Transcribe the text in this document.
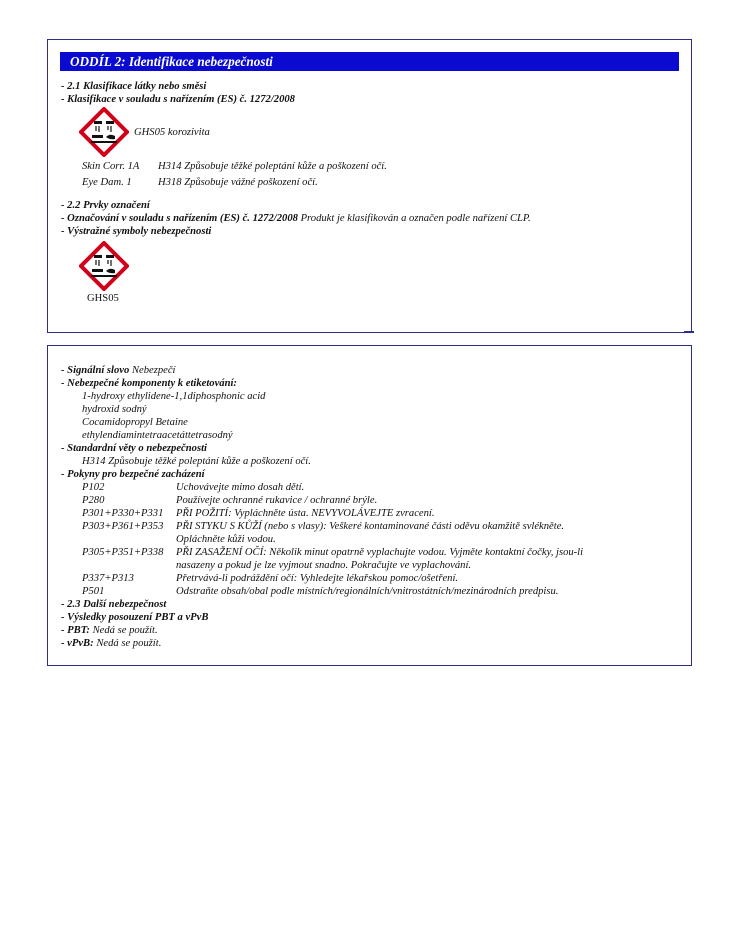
ODDÍL 2: Identifikace nebezpečnosti
- 2.1 Klasifikace látky nebo směsi
- Klasifikace v souladu s nařízením (ES) č. 1272/2008
GHS05 korozivita
Skin Corr. 1A H314 Způsobuje těžké poleptání kůže a poškození očí.
Eye Dam. 1 H318 Způsobuje vážné poškození očí.
- 2.2 Prvky označení
- Označování v souladu s nařízením (ES) č. 1272/2008 Produkt je klasifikován a označen podle nařízení CLP.
- Výstražné symboly nebezpečnosti
GHS05
- Signální slovo Nebezpečí
- Nebezpečné komponenty k etiketování:
1-hydroxy ethylidene-1,1diphosphonic acid
hydroxid sodný
Cocamidopropyl Betaine
ethylendiamintetraacetáttetrasodný
- Standardní věty o nebezpečnosti
H314 Způsobuje těžké poleptání kůže a poškození očí.
- Pokyny pro bezpečné zacházení
P102	Uchovávejte mimo dosah dětí.
P280	Používejte ochranné rukavice / ochranné brýle.
P301+P330+P331 PŘI POŽITÍ: Vypláchněte ústa. NEVYVOLÁVEJTE zvracení.
P303+P361+P353 PŘI STYKU S KŮŽÍ (nebo s vlasy): Veškeré kontaminované části oděvu okamžitě svlékněte.
Opláchněte kůži vodou.
P305+P351+P338 PŘI ZASAŽENÍ OČÍ: Několik minut opatrně vyplachujte vodou. Vyjměte kontaktní čočky, jsou-li
nasazeny a pokud je lze vyjmout snadno. Pokračujte ve vyplachování.
P337+P313	Přetrvává-li podráždění očí: Vyhledejte lékařskou pomoc/ošetření.
P501	Odstraňte obsah/obal podle místních/regionálních/vnitrostátních/mezinárodních predpisu.
- 2.3 Další nebezpečnost
- Výsledky posouzení PBT a vPvB
- PBT: Nedá se použít.
- vPvB: Nedá se použít.
